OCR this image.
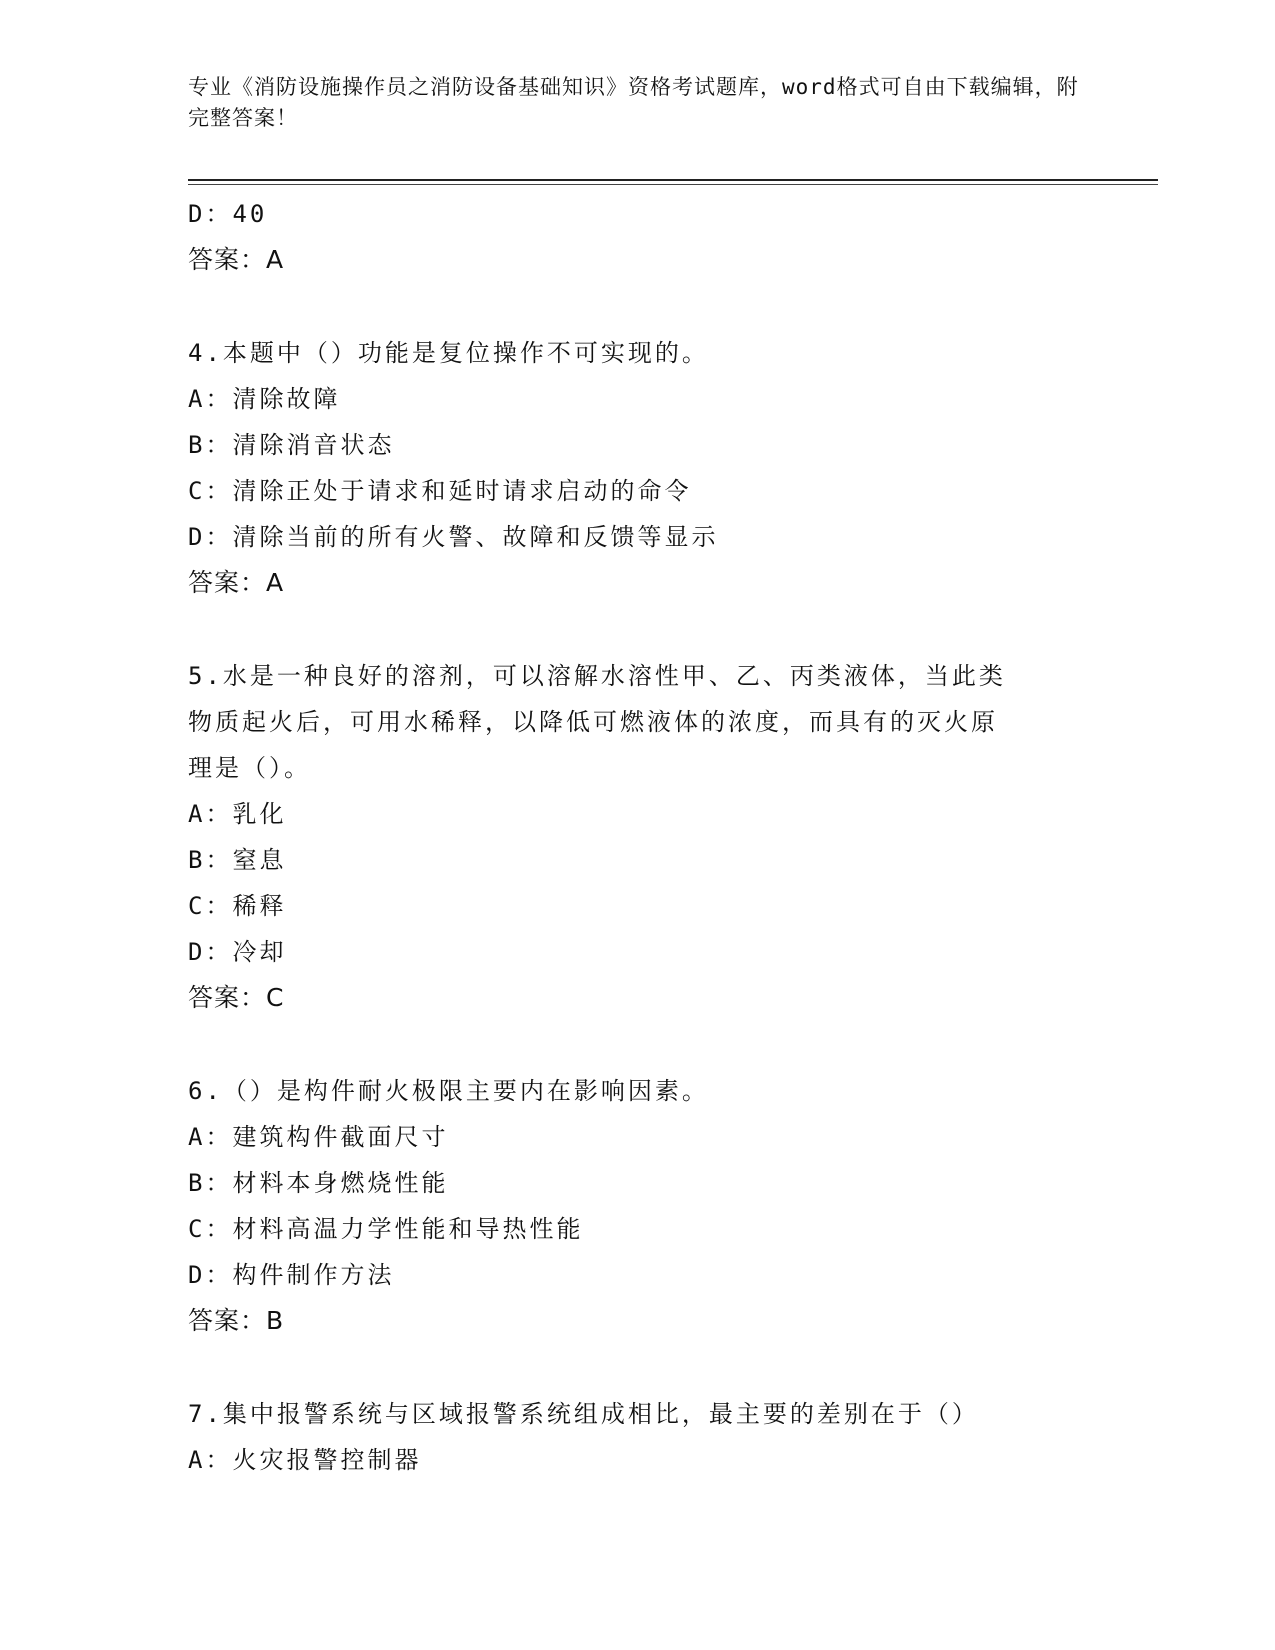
专业《消防设施操作员之消防设备基础知识》资格考试题库，word格式可自由下载编辑，附完整答案！
D：40
答案：A
4.本题中（）功能是复位操作不可实现的。
A：清除故障
B：清除消音状态
C：清除正处于请求和延时请求启动的命令
D：清除当前的所有火警、故障和反馈等显示
答案：A
5.水是一种良好的溶剂，可以溶解水溶性甲、乙、丙类液体，当此类
物质起火后，可用水稀释，以降低可燃液体的浓度，而具有的灭火原
理是（）。
A：乳化
B：窒息
C：稀释
D：冷却
答案：C
6.（）是构件耐火极限主要内在影响因素。
A：建筑构件截面尺寸
B：材料本身燃烧性能
C：材料高温力学性能和导热性能
D：构件制作方法
答案：B
7.集中报警系统与区域报警系统组成相比，最主要的差别在于（）
A：火灾报警控制器
